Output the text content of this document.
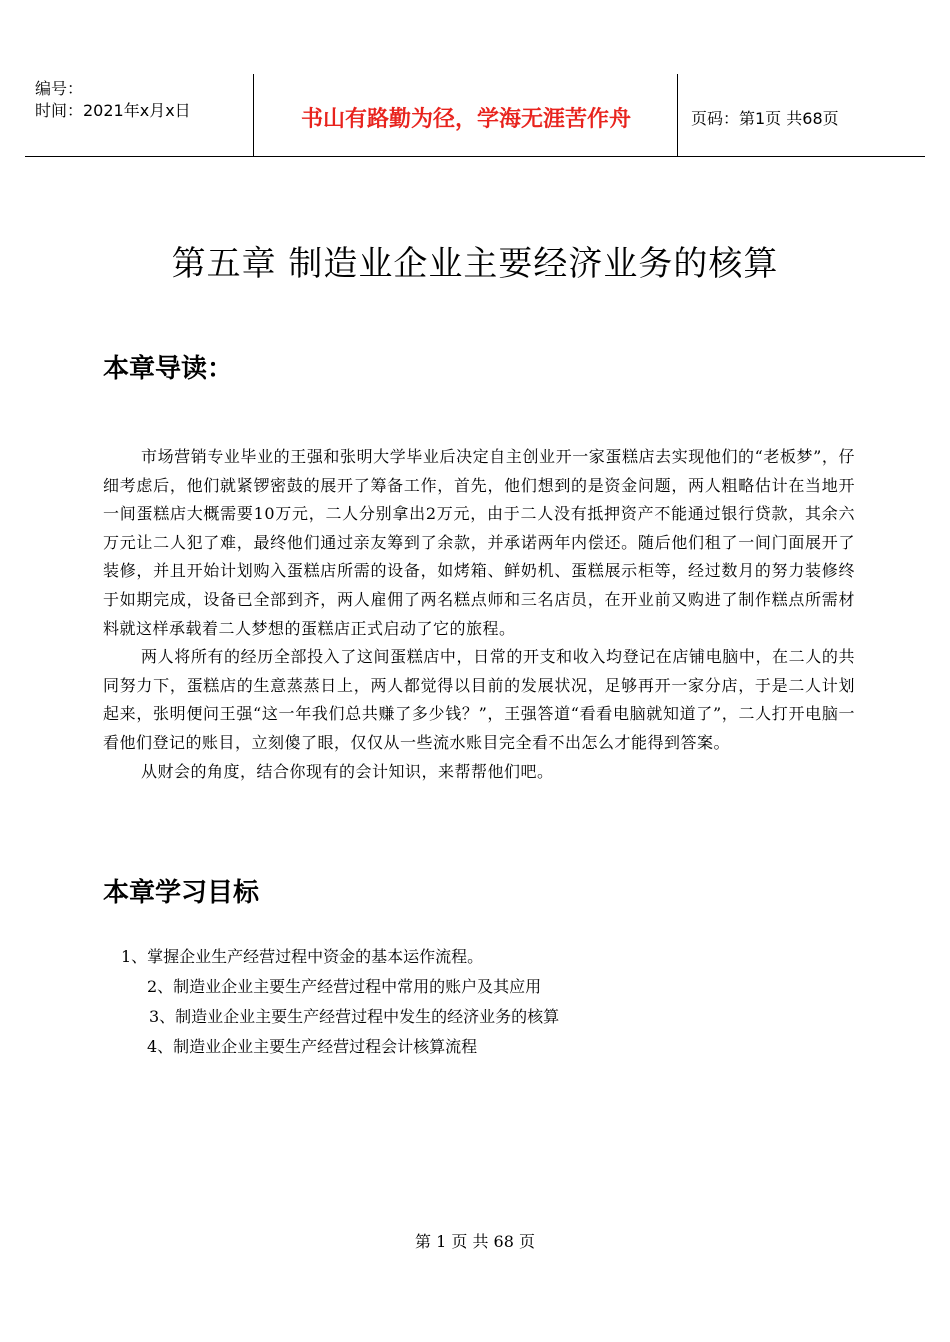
编号：
时间：2021年x月x日	书山有路勤为径，学海无涯苦作舟	页码：第1页 共68页
第五章 制造业企业主要经济业务的核算
本章导读：

市场营销专业毕业的王强和张明大学毕业后决定自主创业开一家蛋糕店去实现他们的“老板梦”，仔细考虑后，他们就紧锣密鼓的展开了筹备工作，首先，他们想到的是资金问题，两人粗略估计在当地开一间蛋糕店大概需要10万元，二人分别拿出2万元，由于二人没有抵押资产不能通过银行贷款，其余六万元让二人犯了难，最终他们通过亲友筹到了余款，并承诺两年内偿还。随后他们租了一间门面展开了装修，并且开始计划购入蛋糕店所需的设备，如烤箱、鲜奶机、蛋糕展示柜等，经过数月的努力装修终于如期完成，设备已全部到齐，两人雇佣了两名糕点师和三名店员，在开业前又购进了制作糕点所需材料就这样承载着二人梦想的蛋糕店正式启动了它的旅程。

两人将所有的经历全部投入了这间蛋糕店中，日常的开支和收入均登记在店铺电脑中，在二人的共同努力下，蛋糕店的生意蒸蒸日上，两人都觉得以目前的发展状况，足够再开一家分店，于是二人计划起来，张明便问王强“这一年我们总共赚了多少钱？”，王强答道“看看电脑就知道了”，二人打开电脑一看他们登记的账目，立刻傻了眼，仅仅从一些流水账目完全看不出怎么才能得到答案。

从财会的角度，结合你现有的会计知识，来帮帮他们吧。

本章学习目标
1、掌握企业生产经营过程中资金的基本运作流程。
2、制造业企业主要生产经营过程中常用的账户及其应用
3、制造业企业主要生产经营过程中发生的经济业务的核算
4、制造业企业主要生产经营过程会计核算流程
第 1 页 共 68 页
